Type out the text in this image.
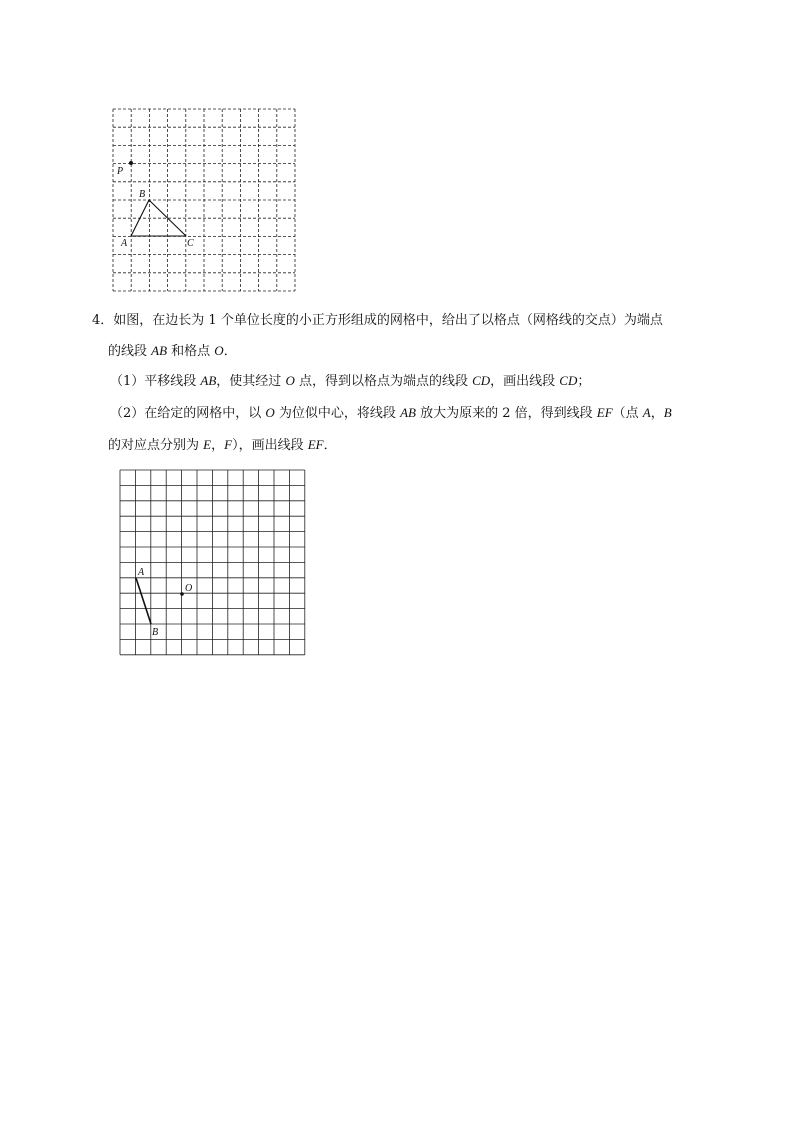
P
B
A	C
4．如图，在边长为 1 个单位长度的小正方形组成的网格中，给出了以格点（网格线的交点）为端点
的线段 AB 和格点 O．
（1）平移线段 AB，使其经过 O 点，得到以格点为端点的线段 CD，画出线段 CD；
（2）在给定的网格中，以 O 为位似中心，将线段 AB 放大为原来的 2 倍，得到线段 EF（点 A，B
的对应点分别为 E，F），画出线段 EF．
A
B
O
